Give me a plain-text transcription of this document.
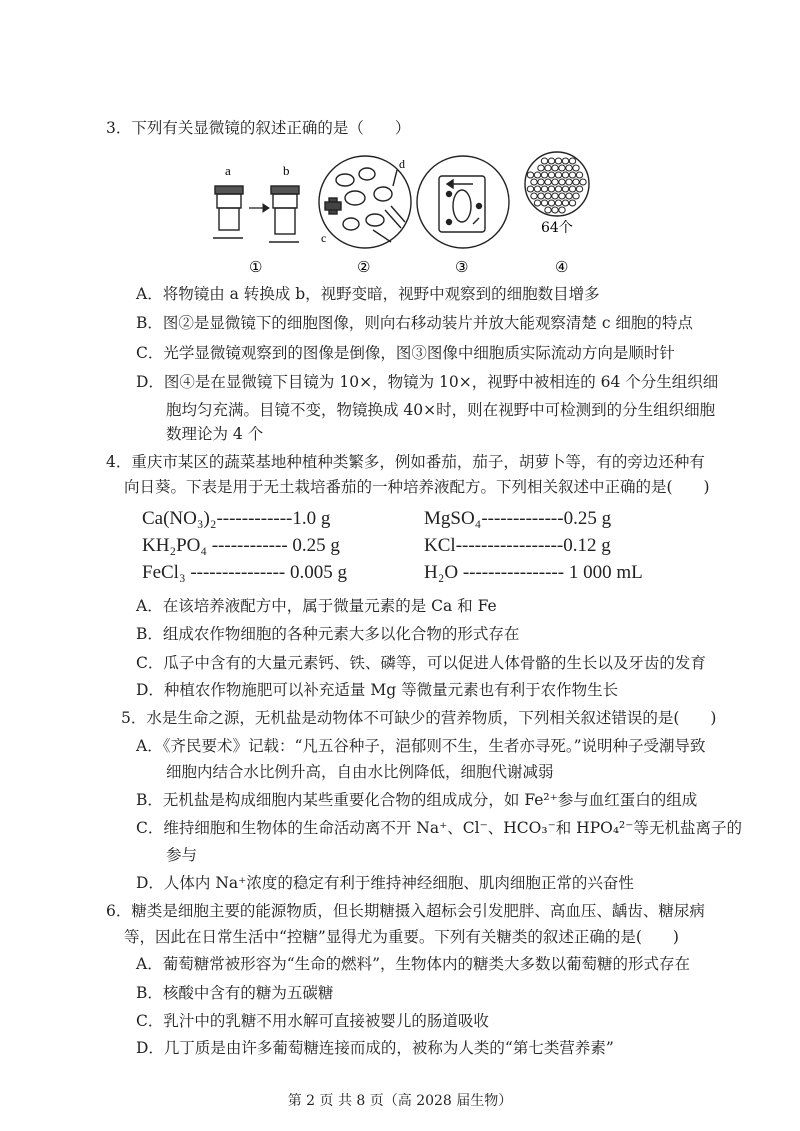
3．下列有关显微镜的叙述正确的是（　　）
a	b	d
c
64个
①	②	③	④
A．将物镜由 a 转换成 b，视野变暗，视野中观察到的细胞数目增多
B．图②是显微镜下的细胞图像，则向右移动装片并放大能观察清楚 c 细胞的特点
C．光学显微镜观察到的图像是倒像，图③图像中细胞质实际流动方向是顺时针
D．图④是在显微镜下目镜为 10×，物镜为 10×，视野中被相连的 64 个分生组织细
胞均匀充满。目镜不变，物镜换成 40×时，则在视野中可检测到的分生组织细胞
数理论为 4 个
4．重庆市某区的蔬菜基地种植种类繁多，例如番茄，茄子，胡萝卜等，有的旁边还种有
向日葵。下表是用于无土栽培番茄的一种培养液配方。下列相关叙述中正确的是(　　)
Ca(NO₃)₂------------1.0 g	MgSO₄-------------0.25 g
KH₂PO₄ ------------ 0.25 g	KCl-----------------0.12 g
FeCl₃ --------------- 0.005 g	H₂O ---------------- 1 000 mL
A．在该培养液配方中，属于微量元素的是 Ca 和 Fe
B．组成农作物细胞的各种元素大多以化合物的形式存在
C．瓜子中含有的大量元素钙、铁、磷等，可以促进人体骨骼的生长以及牙齿的发育
D．种植农作物施肥可以补充适量 Mg 等微量元素也有利于农作物生长
5．水是生命之源，无机盐是动物体不可缺少的营养物质，下列相关叙述错误的是(　　)
A．《齐民要术》记载：“凡五谷种子，浥郁则不生，生者亦寻死。”说明种子受潮导致
细胞内结合水比例升高，自由水比例降低，细胞代谢减弱
B．无机盐是构成细胞内某些重要化合物的组成成分，如 Fe²⁺参与血红蛋白的组成
C．维持细胞和生物体的生命活动离不开 Na⁺、Cl⁻、HCO₃⁻和 HPO₄²⁻等无机盐离子的
参与
D．人体内 Na⁺浓度的稳定有利于维持神经细胞、肌肉细胞正常的兴奋性
6．糖类是细胞主要的能源物质，但长期糖摄入超标会引发肥胖、高血压、龋齿、糖尿病
等，因此在日常生活中“控糖”显得尤为重要。下列有关糖类的叙述正确的是(　　)
A．葡萄糖常被形容为“生命的燃料”，生物体内的糖类大多数以葡萄糖的形式存在
B．核酸中含有的糖为五碳糖
C．乳汁中的乳糖不用水解可直接被婴儿的肠道吸收
D．几丁质是由许多葡萄糖连接而成的，被称为人类的“第七类营养素”
第 2 页 共 8 页（高 2028 届生物）
